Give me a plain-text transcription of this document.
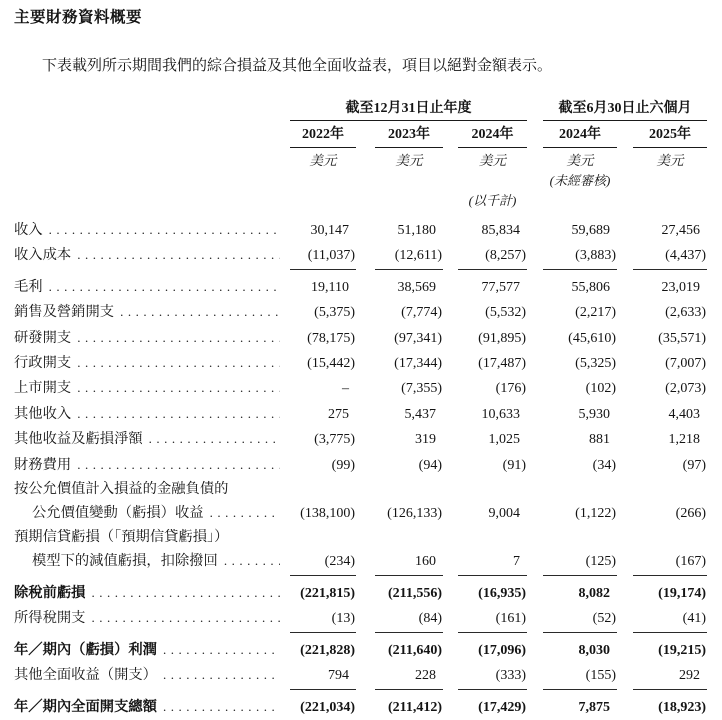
主要財務資料概要

下表載列所示期間我們的綜合損益及其他全面收益表，項目以絕對金額表示。

截至12月31日止年度	截至6月30日止六個月
2022年	2023年	2024年	2024年	2025年
美元	美元	美元	美元	美元
(未經審核)
(以千計)
收入 .....	30,147	51,180	85,834	59,689	27,456
收入成本 .....	(11,037)	(12,611)	(8,257)	(3,883)	(4,437)
毛利 .....	19,110	38,569	77,577	55,806	23,019
銷售及營銷開支 .....	(5,375)	(7,774)	(5,532)	(2,217)	(2,633)
研發開支 .....	(78,175)	(97,341)	(91,895)	(45,610)	(35,571)
行政開支 .....	(15,442)	(17,344)	(17,487)	(5,325)	(7,007)
上市開支 .....	–	(7,355)	(176)	(102)	(2,073)
其他收入 .....	275	5,437	10,633	5,930	4,403
其他收益及虧損淨額 .....	(3,775)	319	1,025	881	1,218
財務費用 .....	(99)	(94)	(91)	(34)	(97)
按公允價值計入損益的金融負債的
公允價值變動（虧損）收益 .....	(138,100)	(126,133)	9,004	(1,122)	(266)
預期信貸虧損（「預期信貸虧損」）
模型下的減值虧損，扣除撥回 .....	(234)	160	7	(125)	(167)
除稅前虧損 .....	(221,815)	(211,556)	(16,935)	8,082	(19,174)
所得稅開支 .....	(13)	(84)	(161)	(52)	(41)
年／期內（虧損）利潤 .....	(221,828)	(211,640)	(17,096)	8,030	(19,215)
其他全面收益（開支） .....	794	228	(333)	(155)	292
年／期內全面開支總額 .....	(221,034)	(211,412)	(17,429)	7,875	(18,923)
